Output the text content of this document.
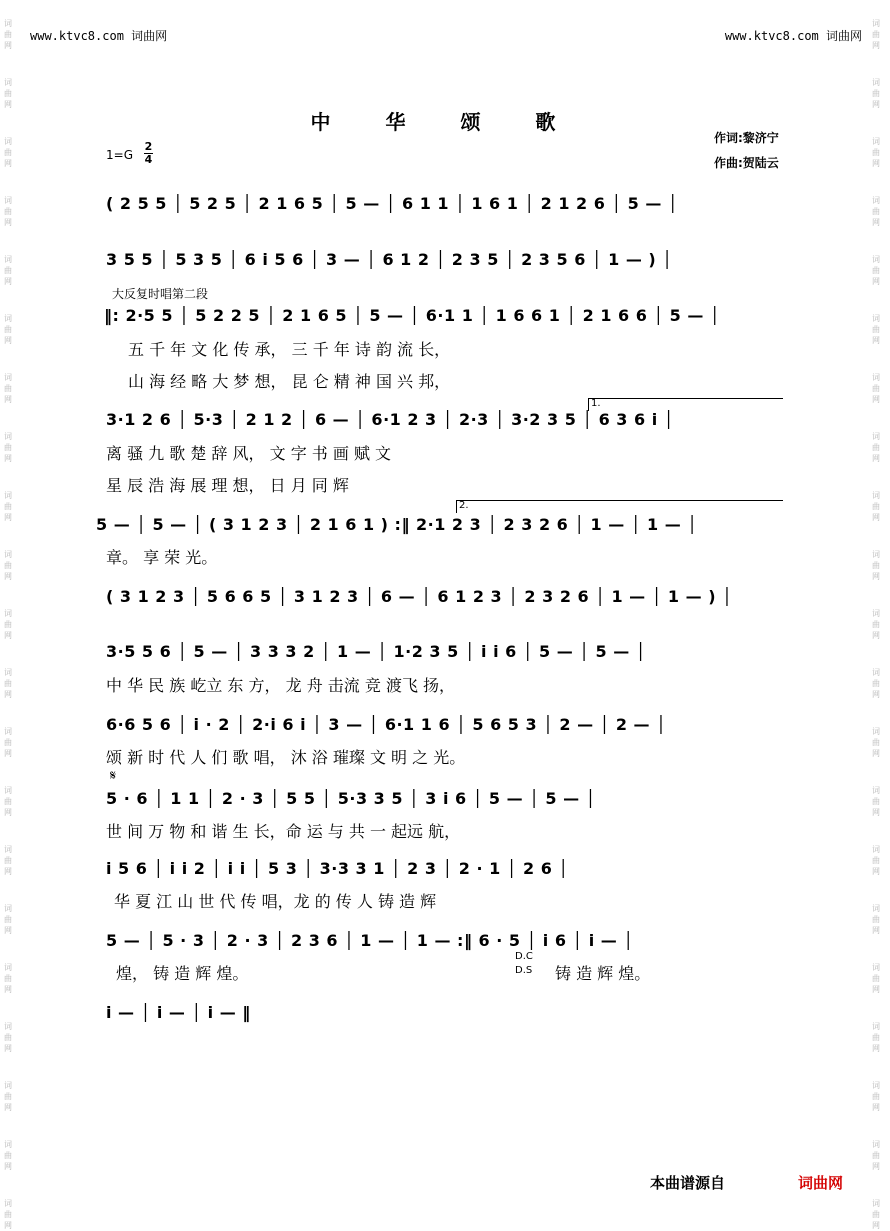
www.ktvc8.com 词曲网	www.ktvc8.com 词曲网
词
曲
网
词
曲
网
词
曲
网
词
曲
网
词
曲
网
词
曲
网
词
曲
网
词
曲
网
词
曲
网
词
曲
网
词
曲
网
词
曲
网
词
曲
网
词
曲
网
词
曲
网
词
曲
网
词
曲
网
词
曲
网
词
曲
网
词
曲
网
词
曲
网
词
曲
网
词
曲
网
词
曲
网
词
曲
网
词
曲
网
词
曲
网
词
曲
网
词
曲
网
词
曲
网
词
曲
网
词
曲
网
词
曲
网
词
曲
网
词
曲
网
词
曲
网
词
曲
网
词
曲
网
词
曲
网
词
曲
网
词
曲
网
词
曲
网
中 华 颂 歌
作词:黎济宁
作曲:贺陆云
$1=G \frac{2}{4}$
( 2 5 5 │ 5 2 5 │ 2 1 6 5 │ 5 — │ 6 1 1 │ 1 6 1 │ 2 1 2 6 │ 5 — │
3 5 5 │ 5 3 5 │ 6 i 5 6 │ 3 — │ 6 1 2 │ 2 3 5 │ 2 3 5 6 │ 1 — ) │
大反复时唱第二段
‖: 2·5 5 │ 5 2 2 5 │ 2 1 6 5 │ 5 — │ 6·1 1 │ 1 6 6 1 │ 2 1 6 6 │ 5 — │
五 千 年 文 化 传 承， 三 千 年 诗 韵 流 长，
山 海 经 略 大 梦 想， 昆 仑 精 神 国 兴 邦，
3·1 2 6 │ 5·3 │ 2 1 2 │ 6 — │ 6·1 2 3 │ 2·3 │ 3·2 3 5 │ 6 3 6 i │
离 骚 九 歌 楚 辞 风， 文 字 书 画 赋 文
星 辰 浩 海 展 理 想， 日 月 同 辉
1.
2.
5 — │ 5 — │ ( 3 1 2 3 │ 2 1 6 1 ) :‖ 2·1 2 3 │ 2 3 2 6 │ 1 — │ 1 — │
章。 享 荣 光。
( 3 1 2 3 │ 5 6 6 5 │ 3 1 2 3 │ 6 — │ 6 1 2 3 │ 2 3 2 6 │ 1 — │ 1 — ) │
3·5 5 6 │ 5 — │ 3 3 3 2 │ 1 — │ 1·2 3 5 │ i i 6 │ 5 — │ 5 — │
中 华 民 族 屹立 东 方， 龙 舟 击流 竞 渡飞 扬，
6·6 5 6 │ i · 2 │ 2·i 6 i │ 3 — │ 6·1 1 6 │ 5 6 5 3 │ 2 — │ 2 — │
颂 新 时 代 人 们 歌 唱， 沐 浴 璀璨 文 明 之 光。
𝄋
5 · 6 │ 1 1 │ 2 · 3 │ 5 5 │ 5·3 3 5 │ 3 i 6 │ 5 — │ 5 — │
世 间 万 物 和 谐 生 长，命 运 与 共 一 起远 航，
i 5 6 │ i i 2 │ i i │ 5 3 │ 3·3 3 1 │ 2 3 │ 2 · 1 │ 2 6 │
华 夏 江 山 世 代 传 唱，龙 的 传 人 铸 造 辉
5 — │ 5 · 3 │ 2 · 3 │ 2 3 6 │ 1 — │ 1 — :‖ 6 · 5 │ i 6 │ i — │
煌， 铸 造 辉 煌。	铸 造 辉 煌。
D.C
D.S
i — │ i — │ i — ‖
本曲谱源自	词曲网
